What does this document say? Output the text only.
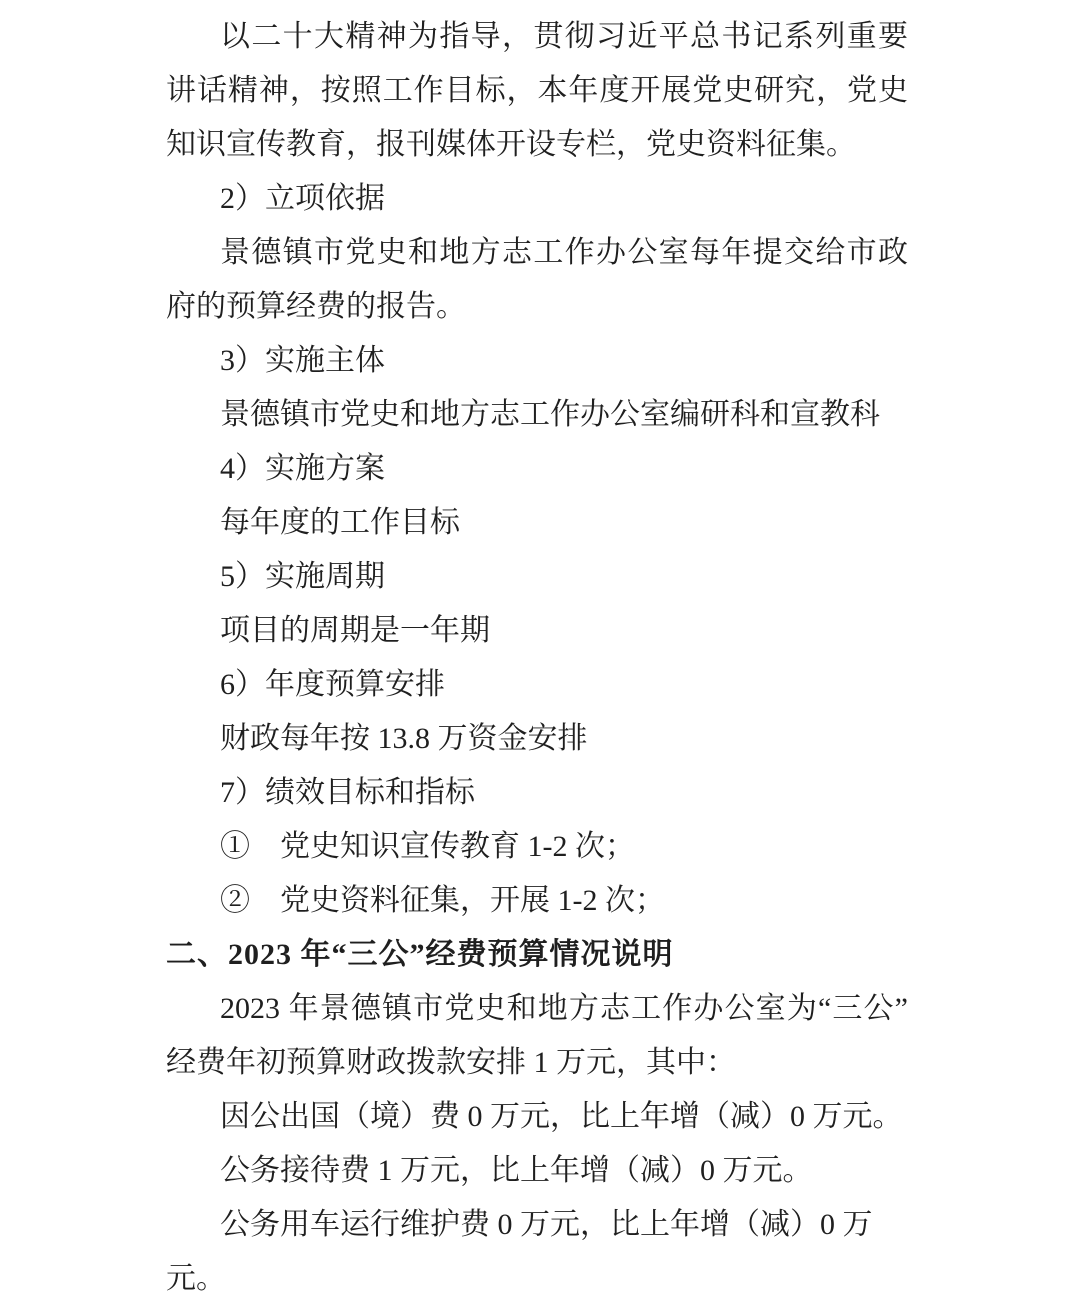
以二十大精神为指导，贯彻习近平总书记系列重要讲话精神，按照工作目标，本年度开展党史研究，党史知识宣传教育，报刊媒体开设专栏，党史资料征集。

2）立项依据

景德镇市党史和地方志工作办公室每年提交给市政府的预算经费的报告。

3）实施主体

景德镇市党史和地方志工作办公室编研科和宣教科

4）实施方案

每年度的工作目标

5）实施周期

项目的周期是一年期

6）年度预算安排

财政每年按 13.8 万资金安排

7）绩效目标和指标

①　党史知识宣传教育 1-2 次；

②　党史资料征集，开展 1-2 次；

二、2023 年“三公”经费预算情况说明

2023 年景德镇市党史和地方志工作办公室为“三公”经费年初预算财政拨款安排 1 万元，其中：

因公出国（境）费 0 万元，比上年增（减）0 万元。

公务接待费 1 万元，比上年增（减）0 万元。

公务用车运行维护费 0 万元，比上年增（减）0 万元。
